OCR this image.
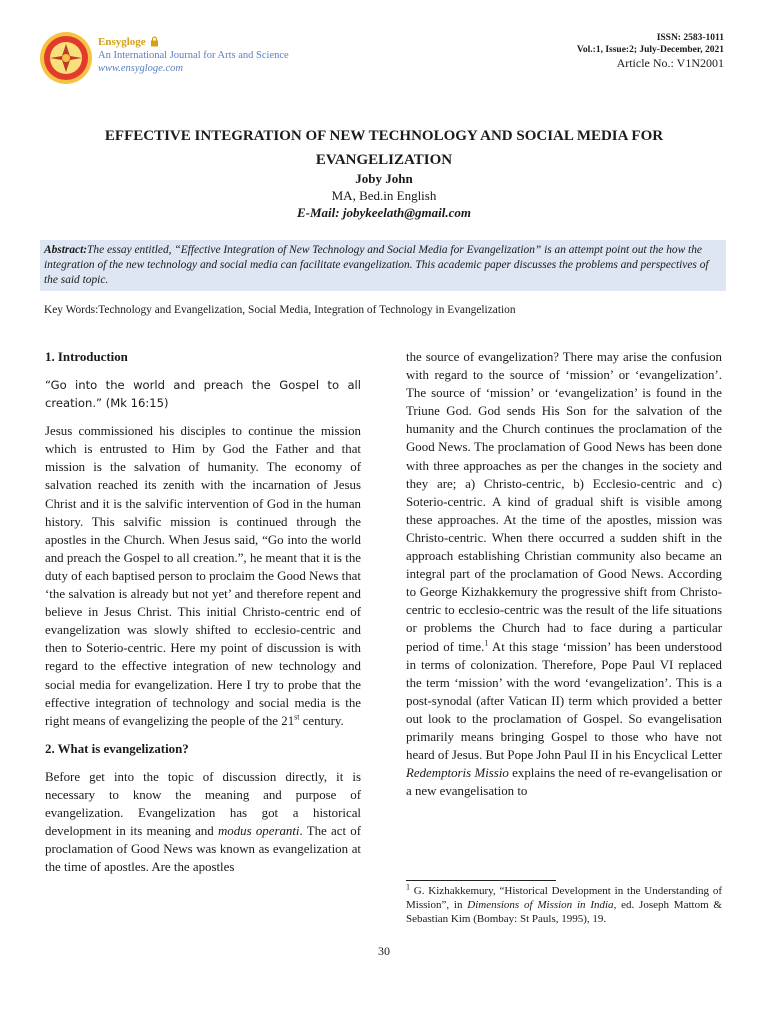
Ensygloge
An International Journal for Arts and Science
www.ensygloge.com
ISSN: 2583-1011
Vol.:1, Issue:2; July-December, 2021
Article No.: V1N2001
EFFECTIVE INTEGRATION OF NEW TECHNOLOGY AND SOCIAL MEDIA FOR
EVANGELIZATION
Joby John
MA, Bed.in English
E-Mail: jobykeelath@gmail.com
Abstract:The essay entitled, “Effective Integration of New Technology and Social Media for Evangelization” is an attempt point out the how the integration of the new technology and social media can facilitate evangelization. This academic paper discusses the problems and perspectives of the said topic.
Key Words:Technology and Evangelization, Social Media, Integration of Technology in Evangelization
1. Introduction

“Go into the world and preach the Gospel to all creation.” (Mk 16:15)

Jesus commissioned his disciples to continue the mission which is entrusted to Him by God the Father and that mission is the salvation of humanity. The economy of salvation reached its zenith with the incarnation of Jesus Christ and it is the salvific intervention of God in the human history. This salvific mission is continued through the apostles in the Church. When Jesus said, “Go into the world and preach the Gospel to all creation.”, he meant that it is the duty of each baptised person to proclaim the Good News that ‘the salvation is already but not yet’ and therefore repent and believe in Jesus Christ. This initial Christo-centric end of evangelization was slowly shifted to ecclesio-centric and then to Soterio-centric. Here my point of discussion is with regard to the effective integration of new technology and social media for evangelization. Here I try to probe that the effective integration of technology and social media is the right means of evangelizing the people of the 21st century.

2. What is evangelization?

Before get into the topic of discussion directly, it is necessary to know the meaning and purpose of evangelization. Evangelization has got a historical development in its meaning and modus operanti. The act of proclamation of Good News was known as evangelization at the time of apostles. Are the apostles

the source of evangelization? There may arise the confusion with regard to the source of ‘mission’ or ‘evangelization’. The source of ‘mission’ or ‘evangelization’ is found in the Triune God. God sends His Son for the salvation of the humanity and the Church continues the proclamation of the Good News. The proclamation of Good News has been done with three approaches as per the changes in the society and they are; a) Christo-centric, b) Ecclesio-centric and c) Soterio-centric. A kind of gradual shift is visible among these approaches. At the time of the apostles, mission was Christo-centric. When there occurred a sudden shift in the approach establishing Christian community also became an integral part of the proclamation of Good News. According to George Kizhakkemury the progressive shift from Christo-centric to ecclesio-centric was the result of the life situations or problems the Church had to face during a particular period of time.$^1$ At this stage ‘mission’ has been understood in terms of colonization. Therefore, Pope Paul VI replaced the term ‘mission’ with the word ‘evangelization’. This is a post-synodal (after Vatican II) term which provided a better out look to the proclamation of Gospel. So evangelisation primarily means bringing Gospel to those who have not heard of Jesus. But Pope John Paul II in his Encyclical Letter Redemptoris Missio explains the need of re-evangelisation or a new evangelisation to

$^1$ G. Kizhakkemury, “Historical Development in the Understanding of Mission”, in Dimensions of Mission in India, ed. Joseph Mattom & Sebastian Kim (Bombay: St Pauls, 1995), 19.
30
